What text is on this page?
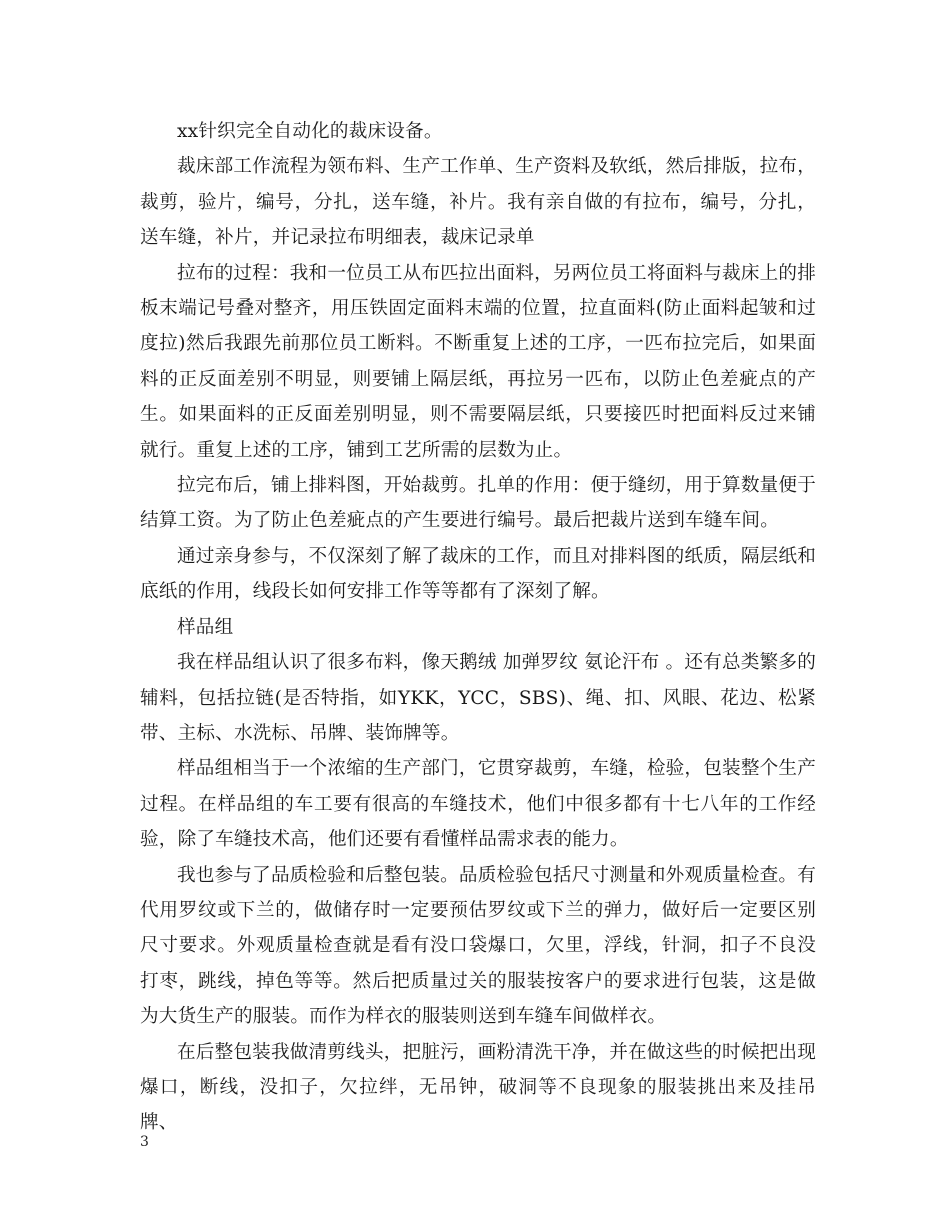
xx针织完全自动化的裁床设备。

裁床部工作流程为领布料、生产工作单、生产资料及软纸，然后排版，拉布，裁剪，验片，编号，分扎，送车缝，补片。我有亲自做的有拉布，编号，分扎，送车缝，补片，并记录拉布明细表，裁床记录单

拉布的过程：我和一位员工从布匹拉出面料，另两位员工将面料与裁床上的排板末端记号叠对整齐，用压铁固定面料末端的位置，拉直面料(防止面料起皱和过度拉)然后我跟先前那位员工断料。不断重复上述的工序，一匹布拉完后，如果面料的正反面差别不明显，则要铺上隔层纸，再拉另一匹布，以防止色差疵点的产生。如果面料的正反面差别明显，则不需要隔层纸，只要接匹时把面料反过来铺就行。重复上述的工序，铺到工艺所需的层数为止。

拉完布后，铺上排料图，开始裁剪。扎单的作用：便于缝纫，用于算数量便于结算工资。为了防止色差疵点的产生要进行编号。最后把裁片送到车缝车间。

通过亲身参与，不仅深刻了解了裁床的工作，而且对排料图的纸质，隔层纸和底纸的作用，线段长如何安排工作等等都有了深刻了解。

样品组

我在样品组认识了很多布料，像天鹅绒 加弹罗纹 氨论汗布 。还有总类繁多的辅料，包括拉链(是否特指，如YKK，YCC，SBS)、绳、扣、风眼、花边、松紧带、主标、水洗标、吊牌、装饰牌等。

样品组相当于一个浓缩的生产部门，它贯穿裁剪，车缝，检验，包装整个生产过程。在样品组的车工要有很高的车缝技术，他们中很多都有十七八年的工作经验，除了车缝技术高，他们还要有看懂样品需求表的能力。

我也参与了品质检验和后整包装。品质检验包括尺寸测量和外观质量检查。有代用罗纹或下兰的，做储存时一定要预估罗纹或下兰的弹力，做好后一定要区别尺寸要求。外观质量检查就是看有没口袋爆口，欠里，浮线，针洞，扣子不良没打枣，跳线，掉色等等。然后把质量过关的服装按客户的要求进行包装，这是做为大货生产的服装。而作为样衣的服装则送到车缝车间做样衣。

在后整包装我做清剪线头，把脏污，画粉清洗干净，并在做这些的时候把出现爆口，断线，没扣子，欠拉绊，无吊钟，破洞等不良现象的服装挑出来及挂吊牌、

3
